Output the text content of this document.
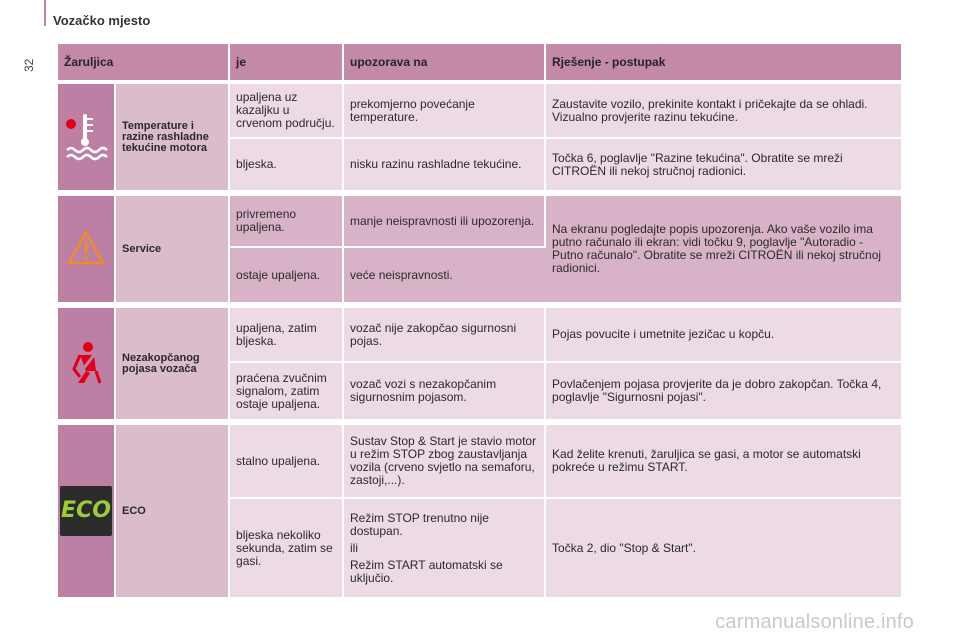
Vozačko mjesto
32 Žaruljica		je	upozorava na	Rješenje - postupak

	Temperature i razine rashladne tekućine motora	upaljena uz kazaljku u crvenom području.	prekomjerno povećanje temperature.	Zaustavite vozilo, prekinite kontakt i pričekajte da se ohladi. Vizualno provjerite razinu tekućine.
		bljeska.	nisku razinu rashladne tekućine.	Točka 6, poglavlje "Razine tekućina". Obratite se mreži CITROËN ili nekoj stručnoj radionici.

	Service	privremeno upaljena.	manje neispravnosti ili upozorenja.	Na ekranu pogledajte popis upozorenja. Ako vaše vozilo ima putno računalo ili ekran: vidi točku 9, poglavlje "Autoradio - Putno računalo". Obratite se mreži CITROËN ili nekoj stručnoj radionici.
		ostaje upaljena.	veće neispravnosti.	

	Nezakopčanog pojasa vozača	upaljena, zatim bljeska.	vozač nije zakopčao sigurnosni pojas.	Pojas povucite i umetnite jezičac u kopču.
		praćena zvučnim signalom, zatim ostaje upaljena.	vozač vozi s nezakopčanim sigurnosnim pojasom.	Povlačenjem pojasa provjerite da je dobro zakopčan. Točka 4, poglavlje "Sigurnosni pojasi".

ECO	ECO	stalno upaljena.	Sustav Stop & Start je stavio motor u režim STOP zbog zaustavljanja vozila (crveno svjetlo na semaforu, zastoji,...).	Kad želite krenuti, žaruljica se gasi, a motor se automatski pokreće u režimu START.
		bljeska nekoliko sekunda, zatim se gasi.	Režim STOP trenutno nije dostupan.
ili
Režim START automatski se uključio.	Točka 2, dio "Stop & Start".
carmanualsonline.info
